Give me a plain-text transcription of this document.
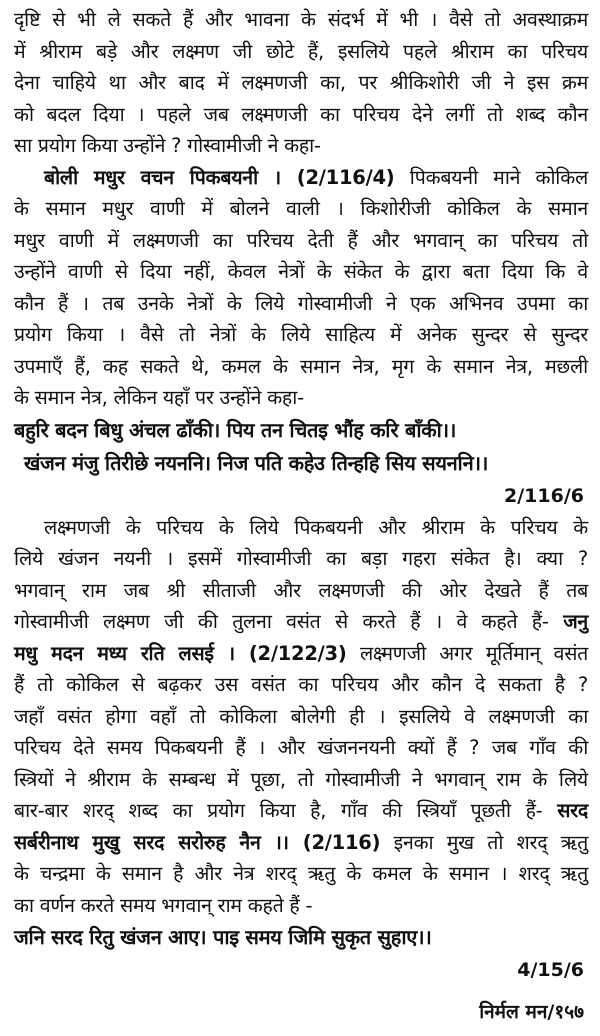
दृष्टि से भी ले सकते हैं और भावना के संदर्भ में भी । वैसे तो अवस्थाक्रम
में श्रीराम बड़े और लक्ष्मण जी छोटे हैं, इसलिये पहले श्रीराम का परिचय
देना चाहिये था और बाद में लक्ष्मणजी का, पर श्रीकिशोरी जी ने इस क्रम
को बदल दिया । पहले जब लक्ष्मणजी का परिचय देने लगीं तो शब्द कौन
सा प्रयोग किया उन्होंने ? गोस्वामीजी ने कहा-
बोली मधुर वचन पिकबयनी । (2/116/4) पिकबयनी माने कोकिल
के समान मधुर वाणी में बोलने वाली । किशोरीजी कोकिल के समान
मधुर वाणी में लक्ष्मणजी का परिचय देती हैं और भगवान् का परिचय तो
उन्होंने वाणी से दिया नहीं, केवल नेत्रों के संकेत के द्वारा बता दिया कि वे
कौन हैं । तब उनके नेत्रों के लिये गोस्वामीजी ने एक अभिनव उपमा का
प्रयोग किया । वैसे तो नेत्रों के लिये साहित्य में अनेक सुन्दर से सुन्दर
उपमाएँ हैं, कह सकते थे, कमल के समान नेत्र, मृग के समान नेत्र, मछली
के समान नेत्र, लेकिन यहाँ पर उन्होंने कहा-
बहुरि बदन बिधु अंचल ढाँकी। पिय तन चितइ भौंह करि बाँकी।।
खंजन मंजु तिरीछे नयननि। निज पति कहेउ तिन्हहि सिय सयननि।।
2/116/6
लक्ष्मणजी के परिचय के लिये पिकबयनी और श्रीराम के परिचय के
लिये खंजन नयनी । इसमें गोस्वामीजी का बड़ा गहरा संकेत है। क्या ?
भगवान् राम जब श्री सीताजी और लक्ष्मणजी की ओर देखते हैं तब
गोस्वामीजी लक्ष्मण जी की तुलना वसंत से करते हैं । वे कहते हैं- जनु
मधु मदन मध्य रति लसई । (2/122/3) लक्ष्मणजी अगर मूर्तिमान् वसंत
हैं तो कोकिल से बढ़कर उस वसंत का परिचय और कौन दे सकता है ?
जहाँ वसंत होगा वहाँ तो कोकिला बोलेगी ही । इसलिये वे लक्ष्मणजी का
परिचय देते समय पिकबयनी हैं । और खंजननयनी क्यों हैं ? जब गाँव की
स्त्रियों ने श्रीराम के सम्बन्ध में पूछा, तो गोस्वामीजी ने भगवान् राम के लिये
बार-बार शरद् शब्द का प्रयोग किया है, गाँव की स्त्रियाँ पूछती हैं- सरद
सर्बरीनाथ मुखु सरद सरोरुह नैन ।। (2/116) इनका मुख तो शरद् ऋतु
के चन्द्रमा के समान है और नेत्र शरद् ऋतु के कमल के समान । शरद् ऋतु
का वर्णन करते समय भगवान् राम कहते हैं -
जनि सरद रितु खंजन आए। पाइ समय जिमि सुकृत सुहाए।।
4/15/6
निर्मल मन/१५७
